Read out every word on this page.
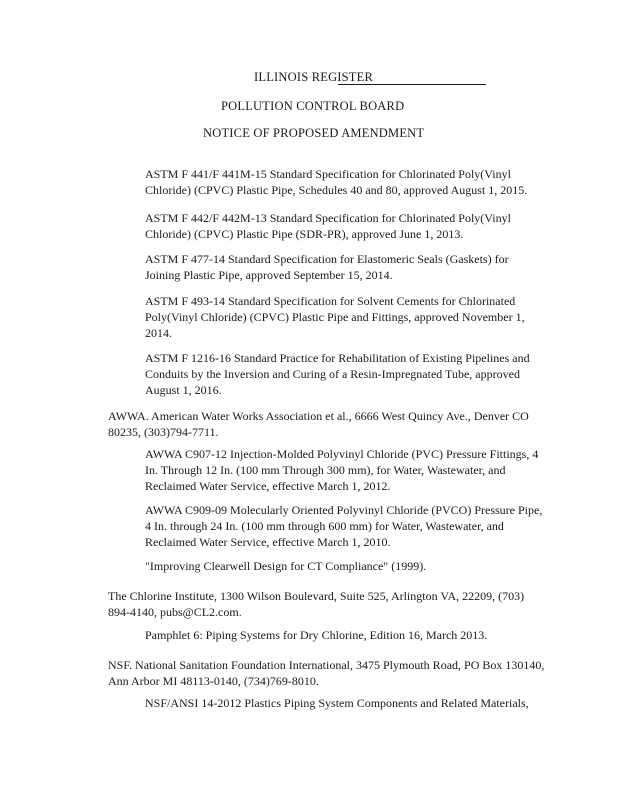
ILLINOIS REGISTER
POLLUTION CONTROL BOARD
NOTICE OF PROPOSED AMENDMENT

ASTM F 441/F 441M-15 Standard Specification for Chlorinated Poly(Vinyl Chloride) (CPVC) Plastic Pipe, Schedules 40 and 80, approved August 1, 2015.

ASTM F 442/F 442M-13 Standard Specification for Chlorinated Poly(Vinyl Chloride) (CPVC) Plastic Pipe (SDR-PR), approved June 1, 2013.

ASTM F 477-14 Standard Specification for Elastomeric Seals (Gaskets) for Joining Plastic Pipe, approved September 15, 2014.

ASTM F 493-14 Standard Specification for Solvent Cements for Chlorinated Poly(Vinyl Chloride) (CPVC) Plastic Pipe and Fittings, approved November 1, 2014.

ASTM F 1216-16 Standard Practice for Rehabilitation of Existing Pipelines and Conduits by the Inversion and Curing of a Resin-Impregnated Tube, approved August 1, 2016.

AWWA. American Water Works Association et al., 6666 West Quincy Ave., Denver CO 80235, (303)794-7711.

AWWA C907-12 Injection-Molded Polyvinyl Chloride (PVC) Pressure Fittings, 4 In. Through 12 In. (100 mm Through 300 mm), for Water, Wastewater, and Reclaimed Water Service, effective March 1, 2012.

AWWA C909-09 Molecularly Oriented Polyvinyl Chloride (PVCO) Pressure Pipe, 4 In. through 24 In. (100 mm through 600 mm) for Water, Wastewater, and Reclaimed Water Service, effective March 1, 2010.

"Improving Clearwell Design for CT Compliance" (1999).

The Chlorine Institute, 1300 Wilson Boulevard, Suite 525, Arlington VA, 22209, (703) 894-4140, pubs@CL2.com.

Pamphlet 6: Piping Systems for Dry Chlorine, Edition 16, March 2013.

NSF. National Sanitation Foundation International, 3475 Plymouth Road, PO Box 130140, Ann Arbor MI 48113-0140, (734)769-8010.

NSF/ANSI 14-2012 Plastics Piping System Components and Related Materials,
